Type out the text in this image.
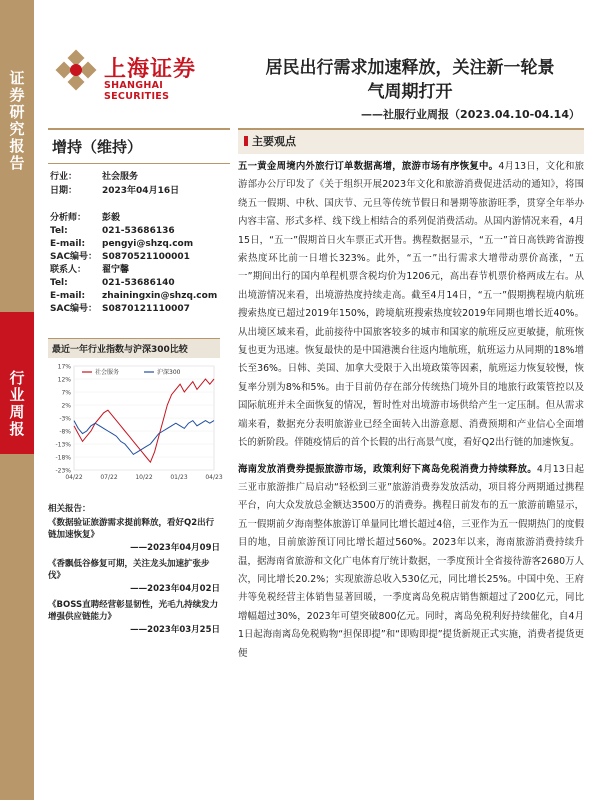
证券研究报告
行业周报
上海证券
SHANGHAI SECURITIES
居民出行需求加速释放，关注新一轮景
气周期打开
——社服行业周报（2023.04.10-04.14）
增持（维持）
行业：	社会服务
日期：	2023年04月16日
分析师：	彭毅
Tel:	021-53686136
E-mail:	pengyi@shzq.com
SAC编号： S0870521100001
联系人：	翟宁馨
Tel:	021-53686140
E-mail:	zhainingxin@shzq.com
SAC编号： S0870121110007
最近一年行业指数与沪深300比较
17%
12%
7%
2%
-3%
-8%
-13%
-18%
-23%
04/22	07/22	10/22	01/23	04/23
社会服务	沪深300
相关报告：
《数据验证旅游需求提前释放，看好Q2出行链加速恢复》
——2023年04月09日
《香飘低谷修复可期，关注龙头加速扩张步伐》
——2023年04月02日
《BOSS直聘经营彰显韧性，光毛九持续发力增强供应链能力》
——2023年03月25日
主要观点
五一黄金周境内外旅行订单数据高增，旅游市场有序恢复中。4月13日，文化和旅游部办公厅印发了《关于组织开展2023年文化和旅游消费促进活动的通知》，将围绕五一假期、中秋、国庆节、元旦等传统节假日和暑期等旅游旺季，贯穿全年举办内容丰富、形式多样、线下线上相结合的系列促消费活动。从国内游情况来看，4月15日，“五一”假期首日火车票正式开售。携程数据显示，“五一”首日高铁跨省游搜索热度环比前一日增长323%。此外，“五一”出行需求大增带动票价高涨，“五一”期间出行的国内单程机票含税均价为1206元，高出春节机票价格两成左右。从出境游情况来看，出境游热度持续走高。截至4月14日，“五一”假期携程境内航班搜索热度已超过2019年150%，跨境航班搜索热度较2019年同期也增长近40%。从出境区域来看，此前接待中国旅客较多的城市和国家的航班反应更敏捷，航班恢复也更为迅速。恢复最快的是中国港澳台往返内地航班，航班运力从同期的18%增长至36%。日韩、美国、加拿大受限于入出境政策等因素，航班运力恢复较慢，恢复率分别为8%和5%。由于目前仍存在部分传统热门境外目的地旅行政策管控以及国际航班并未全面恢复的情况，暂时性对出境游市场供给产生一定压制。但从需求端来看，数据充分表明旅游业已经全面转入出游意愿、消费预期和产业信心全面增长的新阶段。伴随疫情后的首个长假的出行高景气度，看好Q2出行链的加速恢复。
海南发放消费券提振旅游市场，政策利好下离岛免税消费力持续释放。4月13日起三亚市旅游推广局启动“轻松到三亚”旅游消费券发放活动，项目将分两期通过携程平台，向大众发放总金额达3500万的消费券。携程日前发布的五一旅游前瞻显示，五一假期前夕海南整体旅游订单量同比增长超过4倍，三亚作为五一假期热门的度假目的地，目前旅游预订同比增长超过560%。2023年以来，海南旅游消费持续升温，据海南省旅游和文化广电体育厅统计数据，一季度预计全省接待游客2680万人次，同比增长20.2%；实现旅游总收入530亿元，同比增长25%。中国中免、王府井等免税经营主体销售显著回暖，一季度离岛免税店销售额超过了200亿元，同比增幅超过30%，2023年可望突破800亿元。同时，离岛免税利好持续催化，自4月1日起海南离岛免税购物“担保即提”和“即购即提”提货新规正式实施，消费者提货更便
